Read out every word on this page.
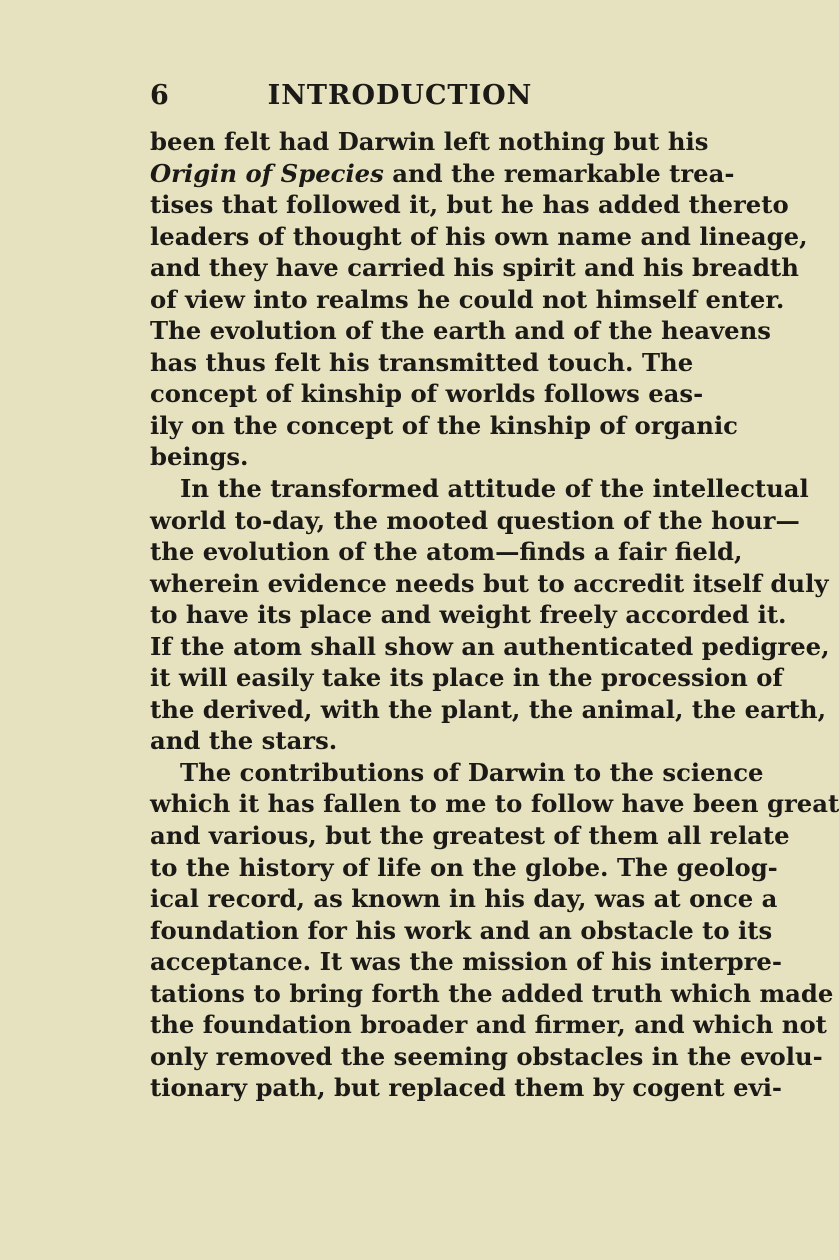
6	INTRODUCTION
been felt had Darwin left nothing but his
Origin of Species and the remarkable trea-
tises that followed it, but he has added thereto
leaders of thought of his own name and lineage,
and they have carried his spirit and his breadth
of view into realms he could not himself enter.
The evolution of the earth and of the heavens
has thus felt his transmitted touch. The
concept of kinship of worlds follows eas-
ily on the concept of the kinship of organic
beings.
In the transformed attitude of the intellectual
world to-day, the mooted question of the hour—
the evolution of the atom—finds a fair field,
wherein evidence needs but to accredit itself duly
to have its place and weight freely accorded it.
If the atom shall show an authenticated pedigree,
it will easily take its place in the procession of
the derived, with the plant, the animal, the earth,
and the stars.
The contributions of Darwin to the science
which it has fallen to me to follow have been great
and various, but the greatest of them all relate
to the history of life on the globe. The geolog-
ical record, as known in his day, was at once a
foundation for his work and an obstacle to its
acceptance. It was the mission of his interpre-
tations to bring forth the added truth which made
the foundation broader and firmer, and which not
only removed the seeming obstacles in the evolu-
tionary path, but replaced them by cogent evi-
